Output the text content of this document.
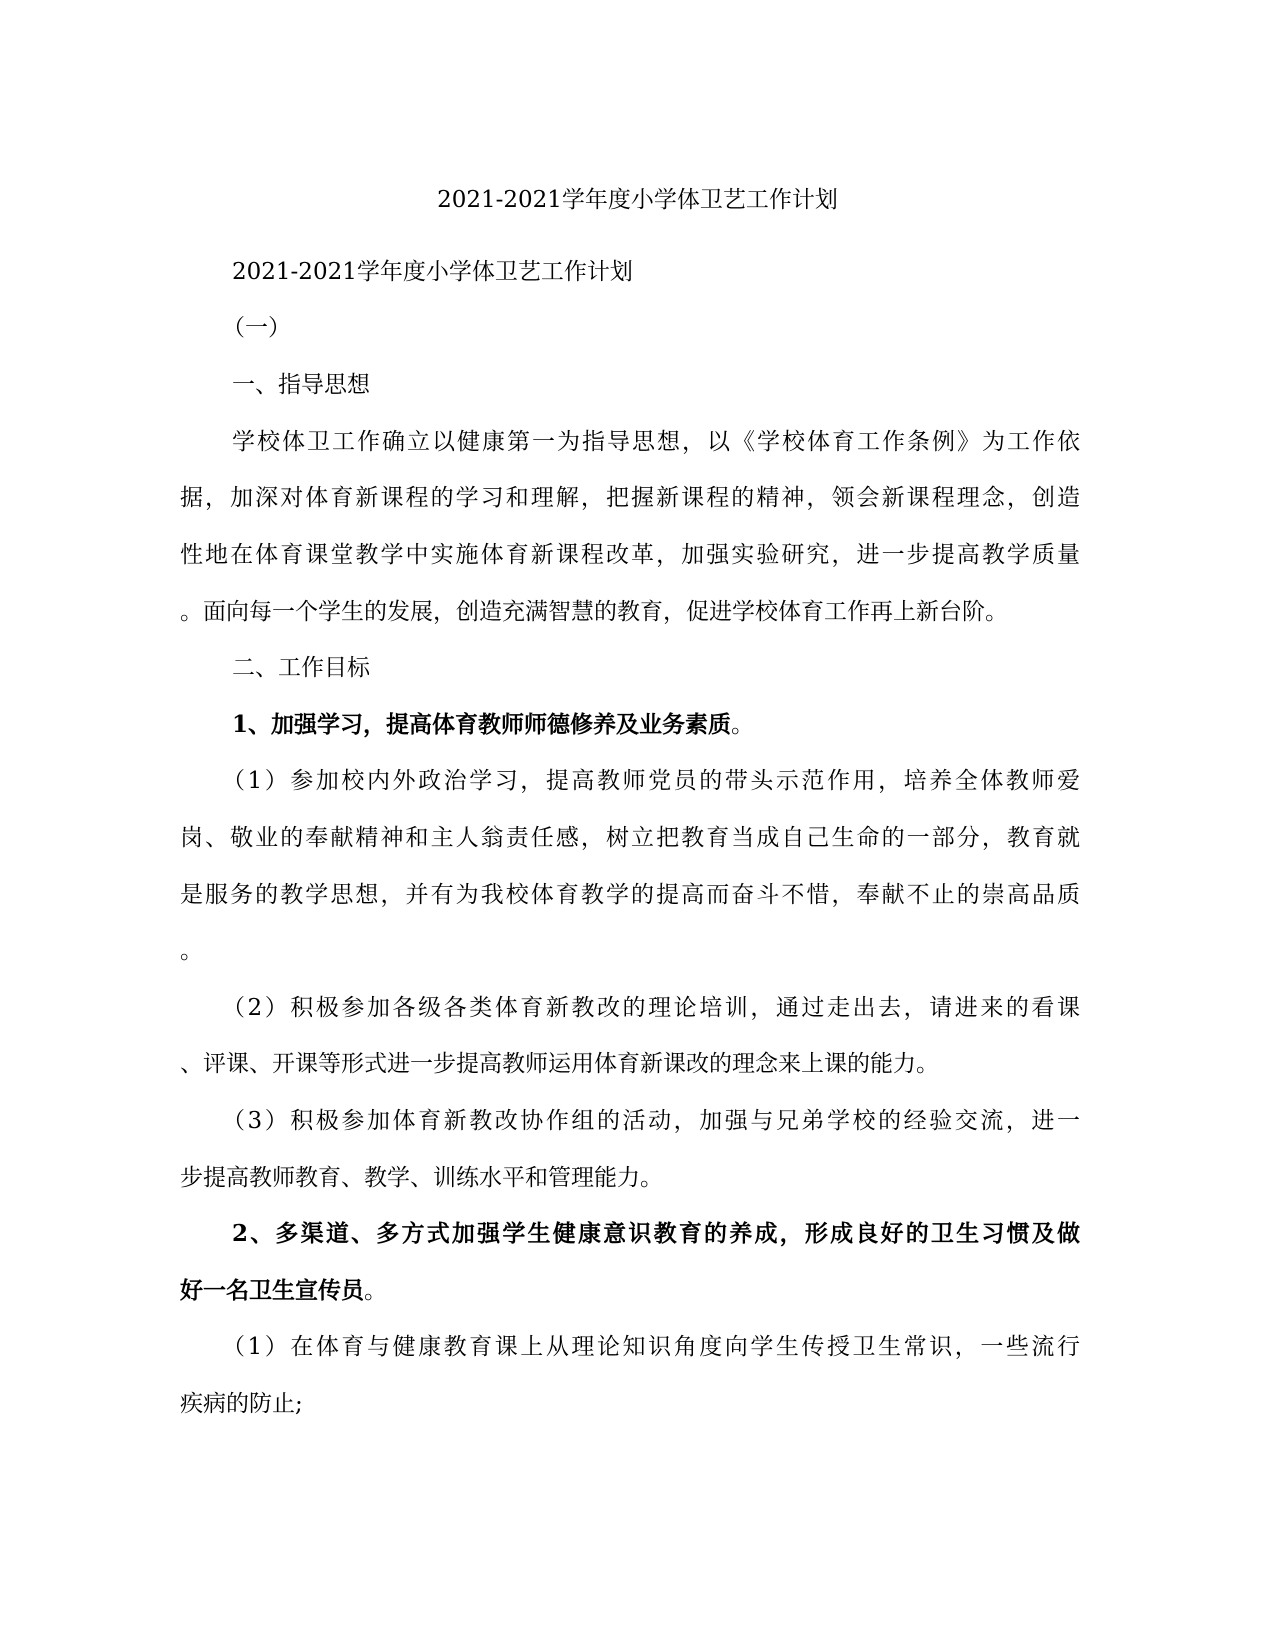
2021-2021学年度小学体卫艺工作计划
2021-2021学年度小学体卫艺工作计划
（一）
一、指导思想
学校体卫工作确立以健康第一为指导思想，以《学校体育工作条例》为工作依
据，加深对体育新课程的学习和理解，把握新课程的精神，领会新课程理念，创造
性地在体育课堂教学中实施体育新课程改革，加强实验研究，进一步提高教学质量
。面向每一个学生的发展，创造充满智慧的教育，促进学校体育工作再上新台阶。
二、工作目标
1、加强学习，提高体育教师师德修养及业务素质。
（1）参加校内外政治学习，提高教师党员的带头示范作用，培养全体教师爱
岗、敬业的奉献精神和主人翁责任感，树立把教育当成自己生命的一部分，教育就
是服务的教学思想，并有为我校体育教学的提高而奋斗不惜，奉献不止的崇高品质
。
（2）积极参加各级各类体育新教改的理论培训，通过走出去，请进来的看课
、评课、开课等形式进一步提高教师运用体育新课改的理念来上课的能力。
（3）积极参加体育新教改协作组的活动，加强与兄弟学校的经验交流，进一
步提高教师教育、教学、训练水平和管理能力。
2、多渠道、多方式加强学生健康意识教育的养成，形成良好的卫生习惯及做
好一名卫生宣传员。
（1）在体育与健康教育课上从理论知识角度向学生传授卫生常识，一些流行
疾病的防止;
